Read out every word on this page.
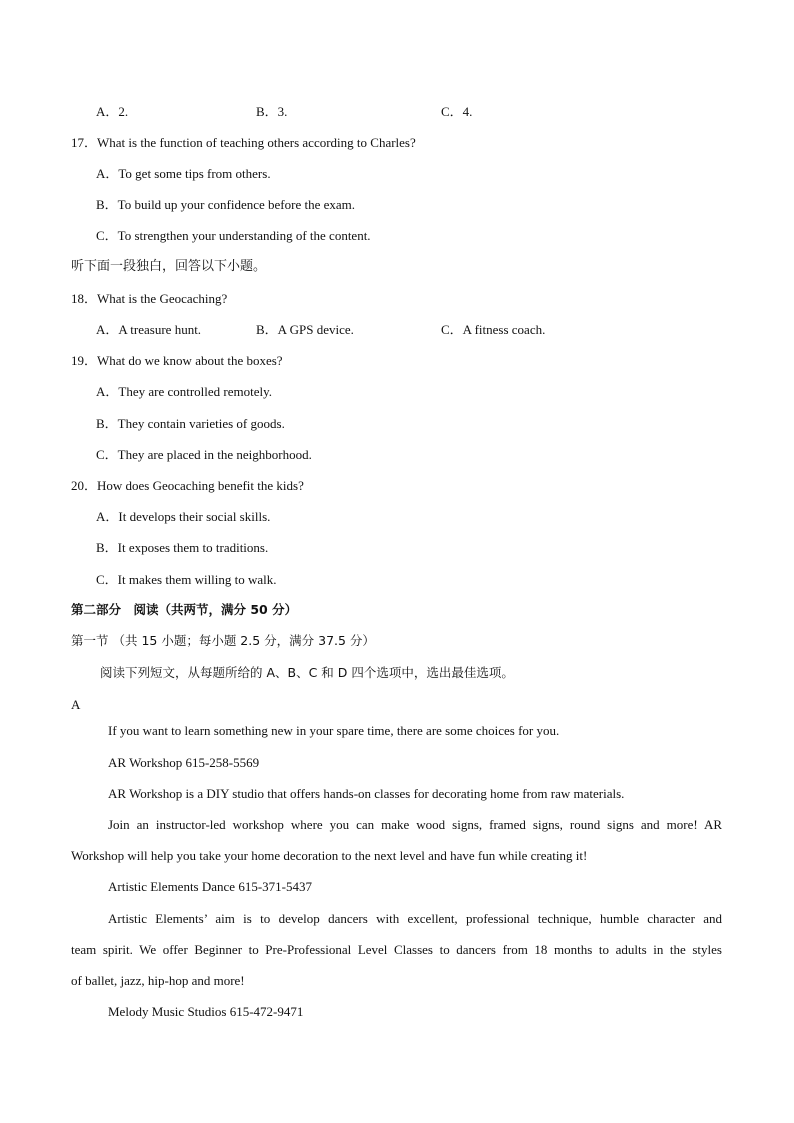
A．2.	B．3.	C．4.
17．What is the function of teaching others according to Charles?
A．To get some tips from others.
B．To build up your confidence before the exam.
C．To strengthen your understanding of the content.
听下面一段独白，回答以下小题。
18．What is the Geocaching?
A．A treasure hunt.	B．A GPS device.	C．A fitness coach.
19．What do we know about the boxes?
A．They are controlled remotely.
B．They contain varieties of goods.
C．They are placed in the neighborhood.
20．How does Geocaching benefit the kids?
A．It develops their social skills.
B．It exposes them to traditions.
C．It makes them willing to walk.
第二部分　阅读（共两节，满分 50 分）
第一节 （共 15 小题；每小题 2.5 分，满分 37.5 分）
阅读下列短文，从每题所给的 A、B、C 和 D 四个选项中，选出最佳选项。
A
If you want to learn something new in your spare time, there are some choices for you.
AR Workshop 615-258-5569
AR Workshop is a DIY studio that offers hands-on classes for decorating home from raw materials.
Join an instructor-led workshop where you can make wood signs, framed signs, round signs and more! AR
Workshop will help you take your home decoration to the next level and have fun while creating it!
Artistic Elements Dance 615-371-5437
Artistic Elements’ aim is to develop dancers with excellent, professional technique, humble character and
team spirit. We offer Beginner to Pre-Professional Level Classes to dancers from 18 months to adults in the styles
of ballet, jazz, hip-hop and more!
Melody Music Studios 615-472-9471
